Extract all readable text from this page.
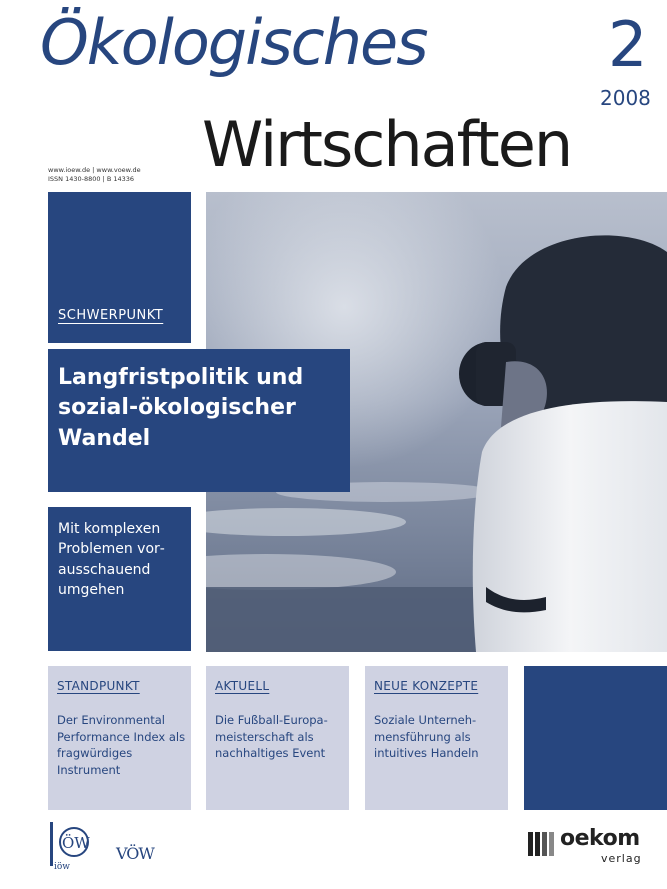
Ökologisches
Wirtschaften
2
2008
www.ioew.de | www.voew.de
ISSN 1430-8800 | B 14336
SCHWERPUNKT
Langfristpolitik und sozial-ökologischer Wandel
Mit komplexen Problemen vorausschauend umgehen
STANDPUNKT
Der Environmental Performance Index als fragwürdiges Instrument
AKTUELL
Die Fußball-Europameisterschaft als nachhaltiges Event
NEUE KONZEPTE
Soziale Unternehmensführung als intuitives Handeln
ÖW
iöw
VÖW
oekom
verlag
